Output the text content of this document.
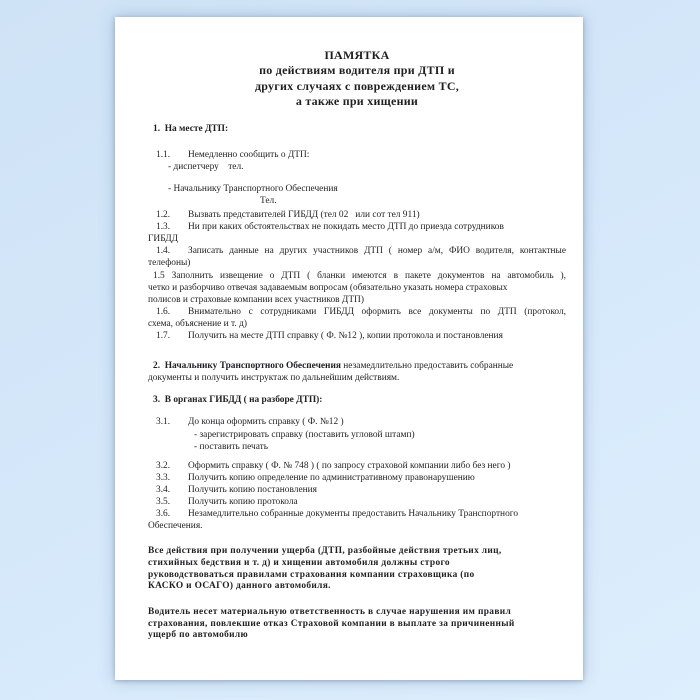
ПАМЯТКА
по действиям водителя при ДТП и
других случаях с повреждением ТС,
а также при хищении
1.  На месте ДТП:
1.1. Немедленно сообщить о ДТП:
- диспетчеру    тел.
- Начальнику Транспортного Обеспечения
Тел.
1.2. Вызвать представителей ГИБДД (тел 02   или сот тел 911)
1.3. Ни при каких обстоятельствах не покидать место ДТП до приезда сотрудников
ГИБДД
1.4. Записать данные на других участников ДТП ( номер а/м, ФИО водителя, контактные
телефоны)
1.5 Заполнить извещение о ДТП ( бланки имеются в пакете документов на автомобиль ),
четко и разборчиво отвечая задаваемым вопросам (обязательно указать номера страховых
полисов и страховые компании всех участников ДТП)
1.6. Внимательно с сотрудниками ГИБДД оформить все документы по ДТП (протокол,
схема, объяснение и т. д)
1.7. Получить на месте ДТП справку ( Ф. №12 ), копии протокола и постановления
2.  Начальнику Транспортного Обеспечения незамедлительно предоставить собранные
документы и получить инструктаж по дальнейшим действиям.
3.  В органах ГИБДД ( на разборе ДТП):
3.1. До конца оформить справку ( Ф. №12 )
- зарегистрировать справку (поставить угловой штамп)
- поставить печать
3.2. Оформить справку ( Ф. № 748 ) ( по запросу страховой компании либо без него )
3.3. Получить копию определение по административному правонарушению
3.4. Получить копию постановления
3.5. Получить копию протокола
3.6. Незамедлительно собранные документы предоставить Начальнику Транспортного
Обеспечения.
Все действия при получении ущерба (ДТП, разбойные действия третьих лиц,
стихийных бедствия и т. д) и хищении автомобиля должны строго
руководствоваться правилами страхования компании страховщика (по
КАСКО и ОСАГО) данного автомобиля.
Водитель несет материальную ответственность в случае нарушения им правил
страхования, повлекшие отказ Страховой компании в выплате за причиненный
ущерб по автомобилю
